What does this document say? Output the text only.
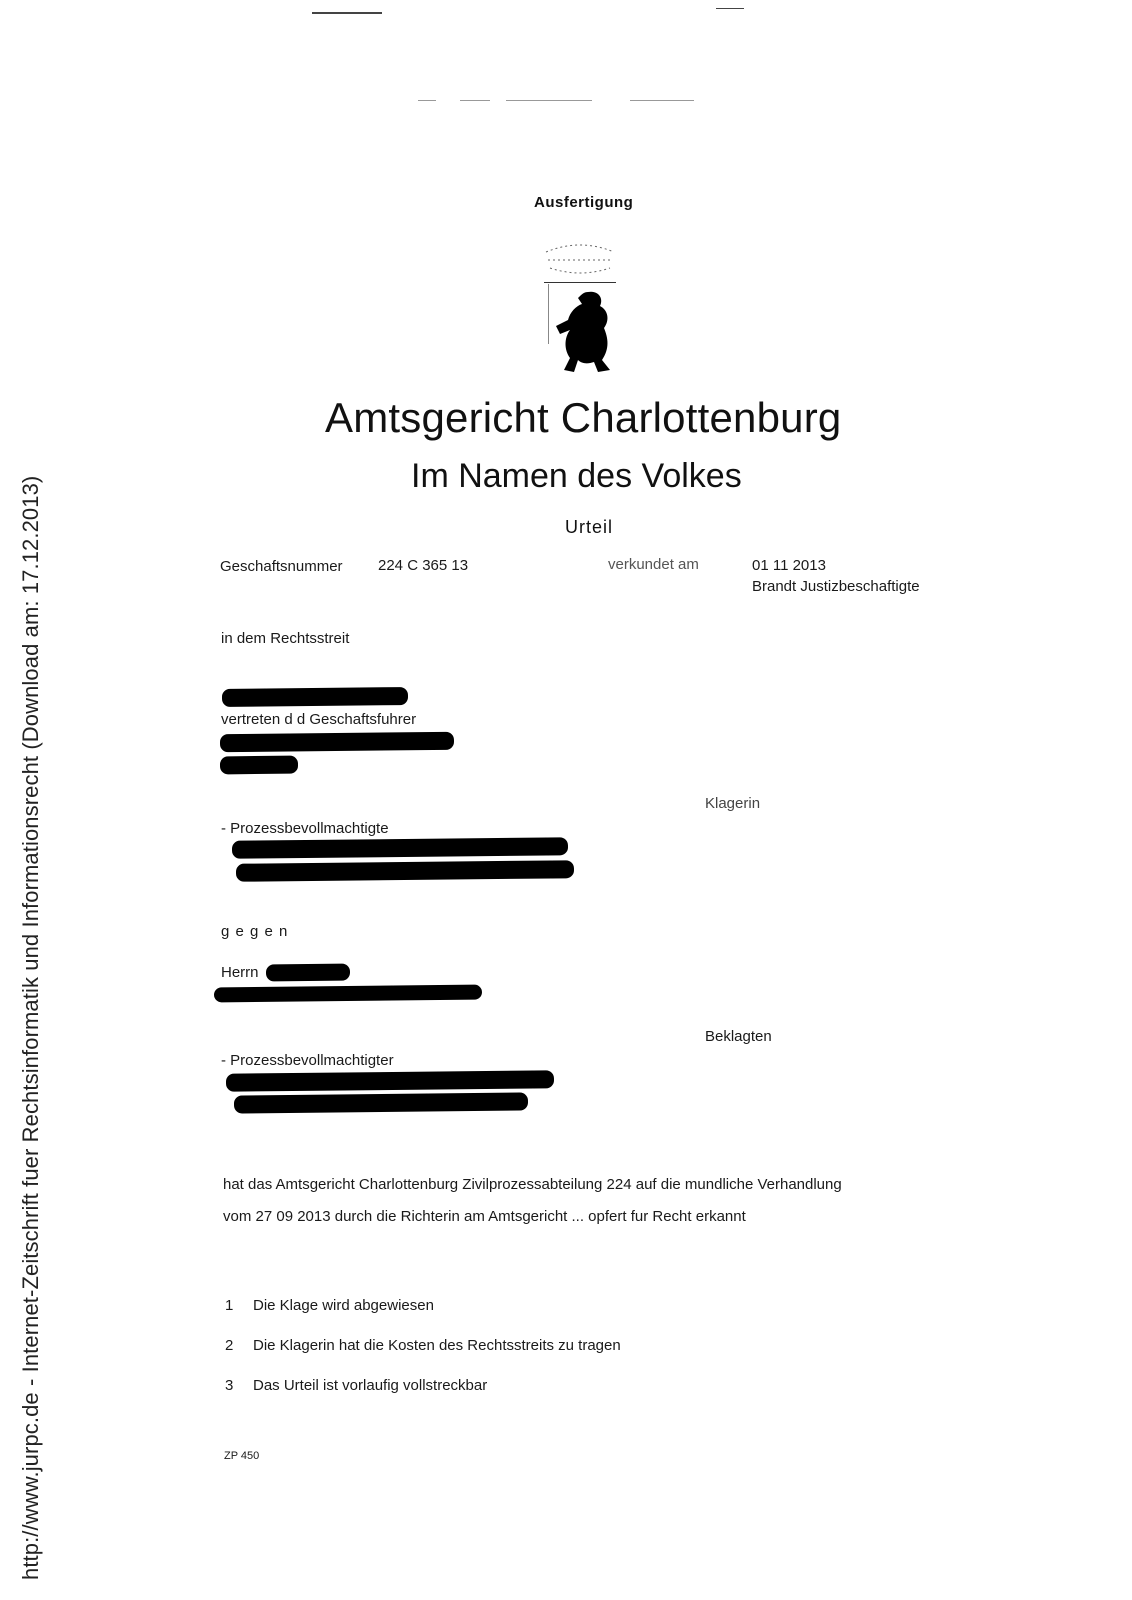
http://www.jurpc.de - Internet-Zeitschrift fuer Rechtsinformatik und Informationsrecht (Download am: 17.12.2013)
Ausfertigung
Amtsgericht Charlottenburg
Im Namen des Volkes
Urteil
Geschaftsnummer 224 C 365 13	verkundet am	01 11 2013
Brandt Justizbeschaftigte
in dem Rechtsstreit
vertreten d d Geschaftsfuhrer
Klagerin
- Prozessbevollmachtigte
g e g e n
Herrn
Beklagten
- Prozessbevollmachtigter
hat das Amtsgericht Charlottenburg Zivilprozessabteilung 224 auf die mundliche Verhandlung
vom 27 09 2013 durch die Richterin am Amtsgericht ... opfert fur Recht erkannt
1 Die Klage wird abgewiesen
2 Die Klagerin hat die Kosten des Rechtsstreits zu tragen
3 Das Urteil ist vorlaufig vollstreckbar
ZP 450
